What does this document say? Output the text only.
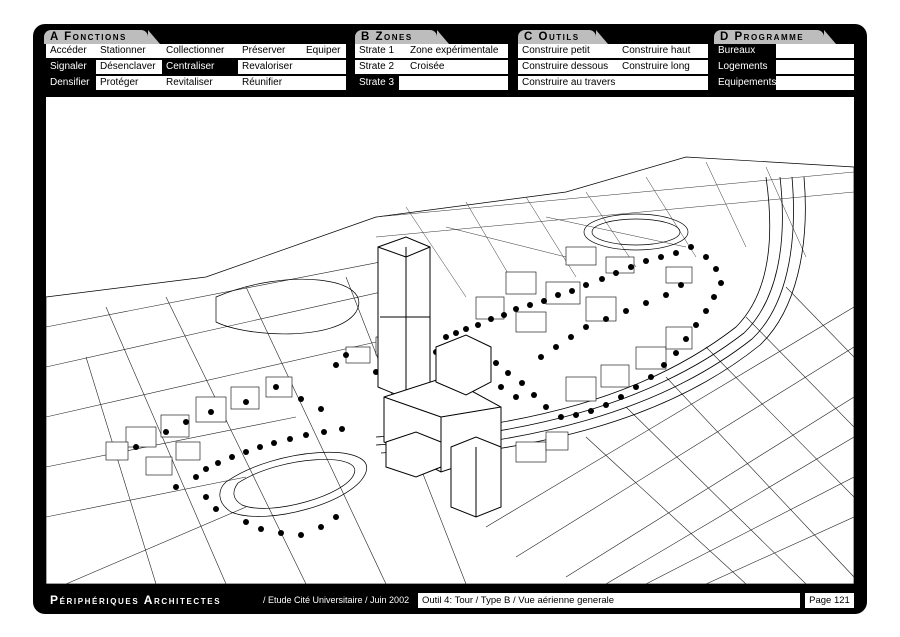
A Fonctions	B Zones	C Outils	D Programme
Accéder	Stationner	Collectionner	Préserver	Equiper
Signaler	Désenclaver	Centraliser	Revaloriser
Densifier	Protéger	Revitaliser	Réunifier
Strate 1	Zone expérimentale
Strate 2	Croisée
Strate 3
Construire petit	Construire haut
Construire dessous	Construire long
Construire au travers
Bureaux
Logements
Equipements
Périphériques Architectes	/ Etude Cité Universitaire / Juin 2002	Outil 4: Tour / Type B / Vue aérienne generale	Page 121
